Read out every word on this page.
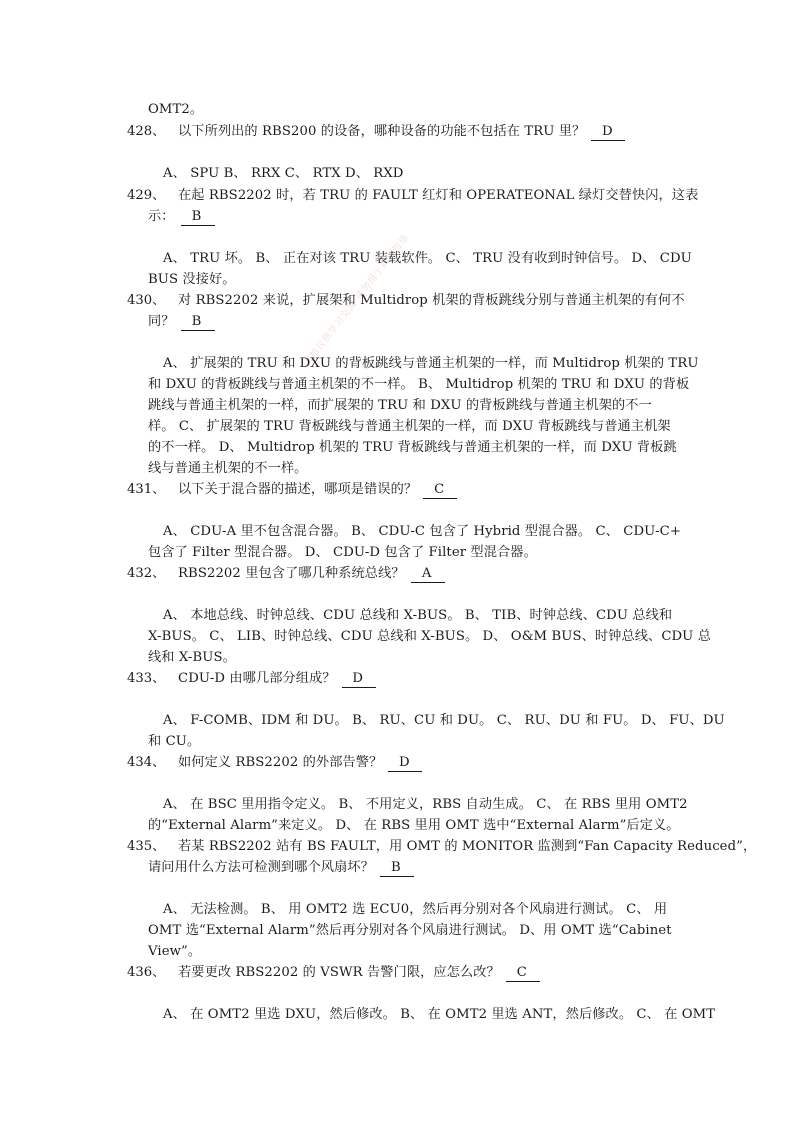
文档仅供学习交流 请勿用于商业用途
OMT2。
428、 以下所列出的 RBS200 的设备，哪种设备的功能不包括在 TRU 里？ D
A、 SPU B、 RRX C、 RTX D、 RXD
429、 在起 RBS2202 时，若 TRU 的 FAULT 红灯和 OPERATEONAL 绿灯交替快闪，这表
示： B
A、 TRU 坏。 B、 正在对该 TRU 装载软件。 C、 TRU 没有收到时钟信号。 D、 CDU
BUS 没接好。
430、 对 RBS2202 来说，扩展架和 Multidrop 机架的背板跳线分别与普通主机架的有何不
同？ B
A、 扩展架的 TRU 和 DXU 的背板跳线与普通主机架的一样，而 Multidrop 机架的 TRU
和 DXU 的背板跳线与普通主机架的不一样。 B、 Multidrop 机架的 TRU 和 DXU 的背板
跳线与普通主机架的一样，而扩展架的 TRU 和 DXU 的背板跳线与普通主机架的不一
样。 C、 扩展架的 TRU 背板跳线与普通主机架的一样，而 DXU 背板跳线与普通主机架
的不一样。 D、 Multidrop 机架的 TRU 背板跳线与普通主机架的一样，而 DXU 背板跳
线与普通主机架的不一样。
431、 以下关于混合器的描述，哪项是错误的？ C
A、 CDU-A 里不包含混合器。 B、 CDU-C 包含了 Hybrid 型混合器。 C、 CDU-C+
包含了 Filter 型混合器。 D、 CDU-D 包含了 Filter 型混合器。
432、 RBS2202 里包含了哪几种系统总线？ A
A、 本地总线、时钟总线、CDU 总线和 X-BUS。 B、 TIB、时钟总线、CDU 总线和
X-BUS。 C、 LIB、时钟总线、CDU 总线和 X-BUS。 D、 O&M BUS、时钟总线、CDU 总
线和 X-BUS。
433、 CDU-D 由哪几部分组成？ D
A、 F-COMB、IDM 和 DU。 B、 RU、CU 和 DU。 C、 RU、DU 和 FU。 D、 FU、DU
和 CU。
434、 如何定义 RBS2202 的外部告警？ D
A、 在 BSC 里用指令定义。 B、 不用定义，RBS 自动生成。 C、 在 RBS 里用 OMT2
的“External Alarm”来定义。 D、 在 RBS 里用 OMT 选中“External Alarm”后定义。
435、 若某 RBS2202 站有 BS FAULT，用 OMT 的 MONITOR 监测到“Fan Capacity Reduced”，
请问用什么方法可检测到哪个风扇坏？ B
A、 无法检测。 B、 用 OMT2 选 ECU0，然后再分别对各个风扇进行测试。 C、 用
OMT 选“External Alarm”然后再分别对各个风扇进行测试。 D、用 OMT 选“Cabinet
View”。
436、 若要更改 RBS2202 的 VSWR 告警门限，应怎么改？ C
A、 在 OMT2 里选 DXU，然后修改。 B、 在 OMT2 里选 ANT，然后修改。 C、 在 OMT
